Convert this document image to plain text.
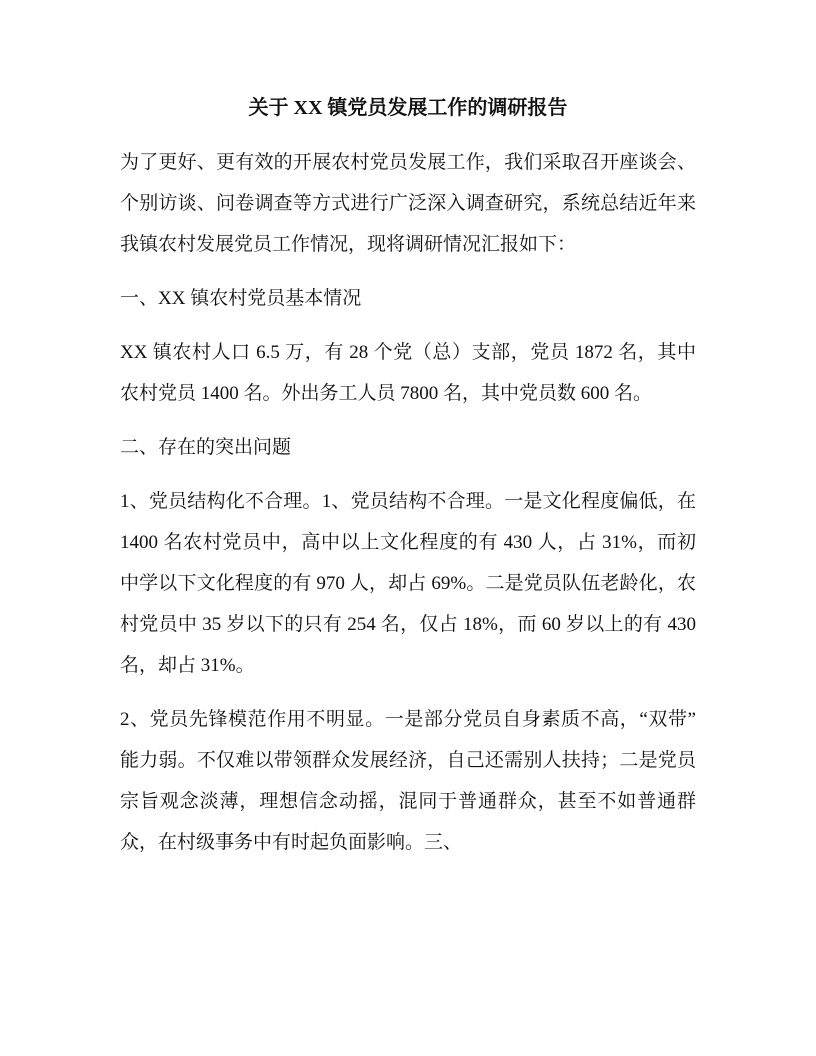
关于 XX 镇党员发展工作的调研报告

为了更好、更有效的开展农村党员发展工作，我们采取召开座谈会、个别访谈、问卷调查等方式进行广泛深入调查研究，系统总结近年来我镇农村发展党员工作情况，现将调研情况汇报如下：

一、XX 镇农村党员基本情况

XX 镇农村人口 6.5 万，有 28 个党（总）支部，党员 1872 名，其中农村党员 1400 名。外出务工人员 7800 名，其中党员数 600 名。

二、存在的突出问题

1、党员结构化不合理。1、党员结构不合理。一是文化程度偏低，在 1400 名农村党员中，高中以上文化程度的有 430 人，占 31%，而初中学以下文化程度的有 970 人，却占 69%。二是党员队伍老龄化，农村党员中 35 岁以下的只有 254 名，仅占 18%，而 60 岁以上的有 430 名，却占 31%。

2、党员先锋模范作用不明显。一是部分党员自身素质不高，“双带”能力弱。不仅难以带领群众发展经济，自己还需别人扶持；二是党员宗旨观念淡薄，理想信念动摇，混同于普通群众，甚至不如普通群众，在村级事务中有时起负面影响。三、
